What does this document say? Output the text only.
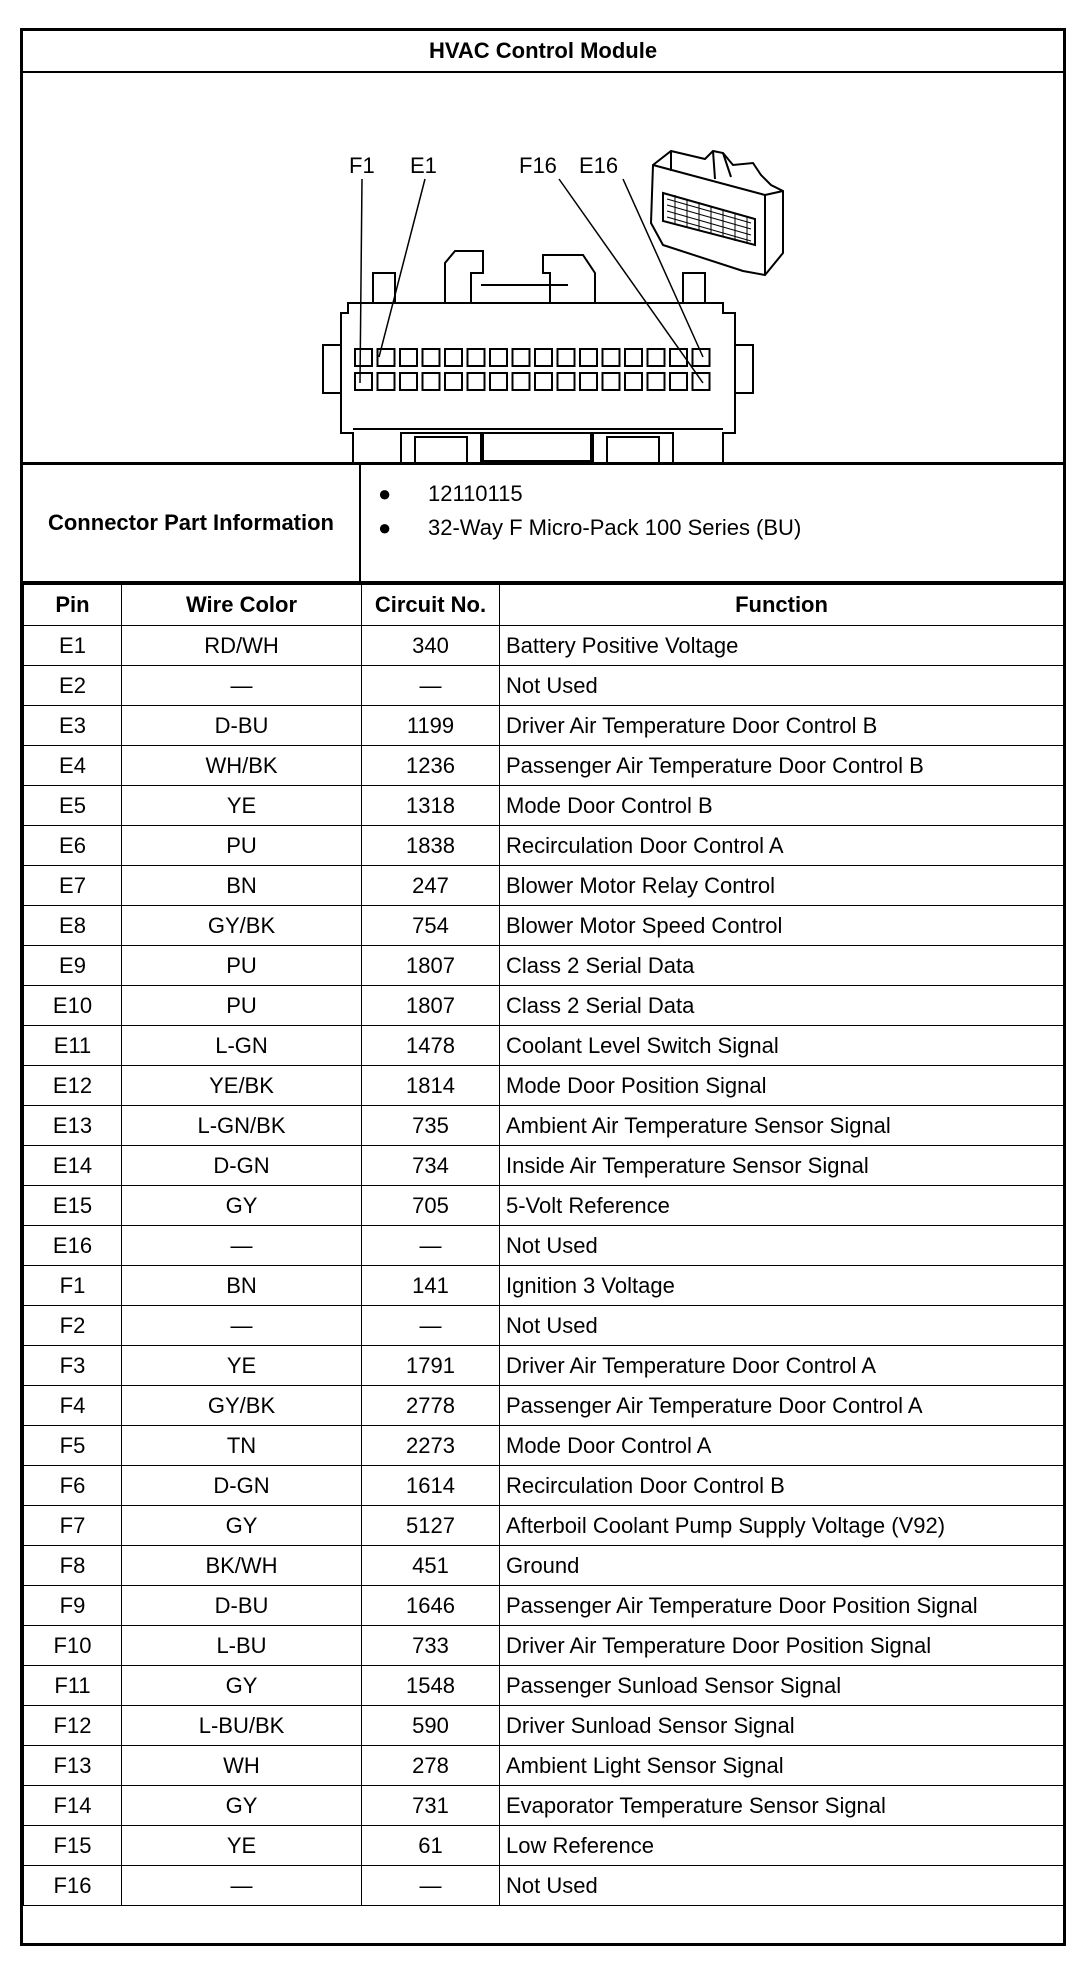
HVAC Control Module
F1 E1	F16 E16
Connector Part Information
●	12110115
●	32-Way F Micro-Pack 100 Series (BU)
Pin	Wire Color	Circuit No.	Function
E1	RD/WH	340	Battery Positive Voltage
E2	—	—	Not Used
E3	D-BU	1199	Driver Air Temperature Door Control B
E4	WH/BK	1236	Passenger Air Temperature Door Control B
E5	YE	1318	Mode Door Control B
E6	PU	1838	Recirculation Door Control A
E7	BN	247	Blower Motor Relay Control
E8	GY/BK	754	Blower Motor Speed Control
E9	PU	1807	Class 2 Serial Data
E10	PU	1807	Class 2 Serial Data
E11	L-GN	1478	Coolant Level Switch Signal
E12	YE/BK	1814	Mode Door Position Signal
E13	L-GN/BK	735	Ambient Air Temperature Sensor Signal
E14	D-GN	734	Inside Air Temperature Sensor Signal
E15	GY	705	5-Volt Reference
E16	—	—	Not Used
F1	BN	141	Ignition 3 Voltage
F2	—	—	Not Used
F3	YE	1791	Driver Air Temperature Door Control A
F4	GY/BK	2778	Passenger Air Temperature Door Control A
F5	TN	2273	Mode Door Control A
F6	D-GN	1614	Recirculation Door Control B
F7	GY	5127	Afterboil Coolant Pump Supply Voltage (V92)
F8	BK/WH	451	Ground
F9	D-BU	1646	Passenger Air Temperature Door Position Signal
F10	L-BU	733	Driver Air Temperature Door Position Signal
F11	GY	1548	Passenger Sunload Sensor Signal
F12	L-BU/BK	590	Driver Sunload Sensor Signal
F13	WH	278	Ambient Light Sensor Signal
F14	GY	731	Evaporator Temperature Sensor Signal
F15	YE	61	Low Reference
F16	—	—	Not Used
